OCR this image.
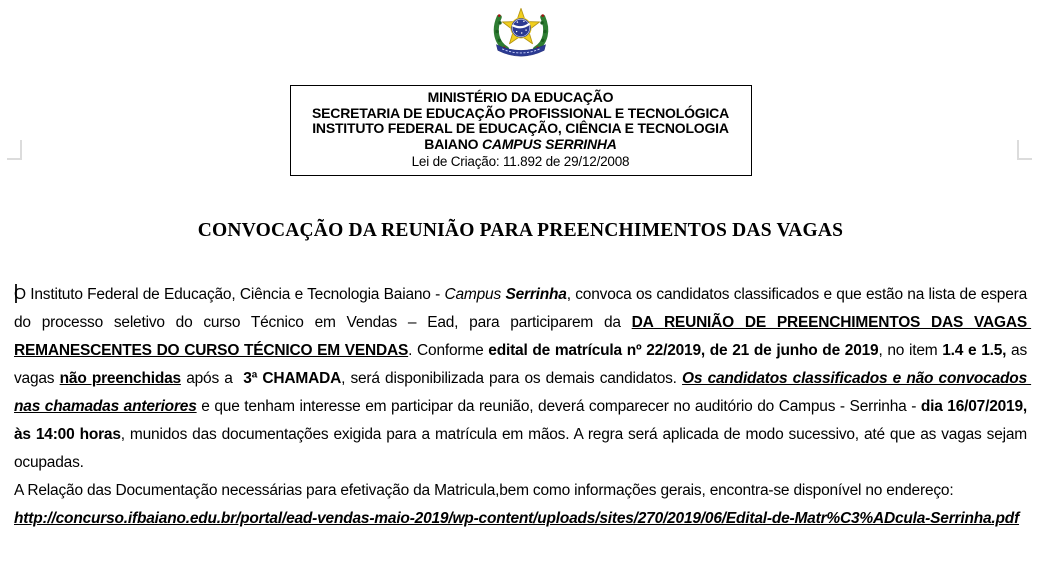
MINISTÉRIO DA EDUCAÇÃO
SECRETARIA DE EDUCAÇÃO PROFISSIONAL E TECNOLÓGICA
INSTITUTO FEDERAL DE EDUCAÇÃO, CIÊNCIA E TECNOLOGIA
BAIANO CAMPUS SERRINHA
Lei de Criação: 11.892 de 29/12/2008
CONVOCAÇÃO DA REUNIÃO PARA PREENCHIMENTOS DAS VAGAS

O Instituto Federal de Educação, Ciência e Tecnologia Baiano - Campus Serrinha, convoca os candidatos classificados e que estão na lista de espera do processo seletivo do curso Técnico em Vendas – Ead, para participarem da DA REUNIÃO DE PREENCHIMENTOS DAS VAGAS REMANESCENTES DO CURSO TÉCNICO EM VENDAS. Conforme edital de matrícula nº 22/2019, de 21 de junho de 2019, no item 1.4 e 1.5, as vagas não preenchidas após a  3ª CHAMADA, será disponibilizada para os demais candidatos. Os candidatos classificados e não convocados nas chamadas anteriores e que tenham interesse em participar da reunião, deverá comparecer no auditório do Campus - Serrinha - dia 16/07/2019,  às 14:00 horas, munidos das documentações exigida para a matrícula em mãos. A regra será aplicada de modo sucessivo, até que as vagas sejam ocupadas.

A Relação das Documentação necessárias para efetivação da Matricula,bem como informações gerais, encontra-se disponível no endereço:

http://concurso.ifbaiano.edu.br/portal/ead-vendas-maio-2019/wp-content/uploads/sites/270/2019/06/Edital-de-Matr%C3%ADcula-Serrinha.pdf
